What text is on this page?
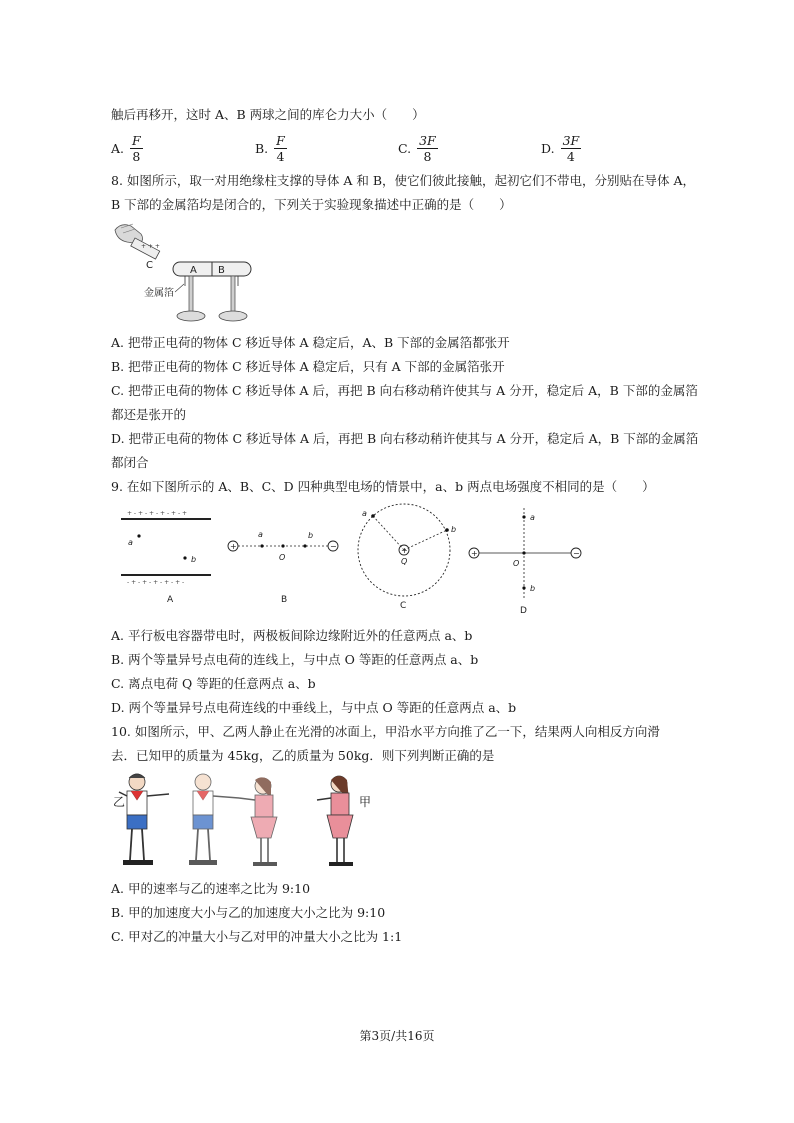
触后再移开，这时 A、B 两球之间的库仑力大小（　　）
A. $\frac{F}{8}$	B. $\frac{F}{4}$	C. $\frac{3F}{8}$	D. $\frac{3F}{4}$
8. 如图所示，取一对用绝缘柱支撑的导体 A 和 B，使它们彼此接触，起初它们不带电，分别贴在导体 A，
B 下部的金属箔均是闭合的，下列关于实验现象描述中正确的是（　　）
+ + +
C	A B
金属箔
A. 把带正电荷的物体 C 移近导体 A 稳定后，A、B 下部的金属箔都张开
B. 把带正电荷的物体 C 移近导体 A 稳定后，只有 A 下部的金属箔张开
C. 把带正电荷的物体 C 移近导体 A 后，再把 B 向右移动稍许使其与 A 分开，稳定后 A，B 下部的金属箔
都还是张开的
D. 把带正电荷的物体 C 移近导体 A 后，再把 B 向右移动稍许使其与 A 分开，稳定后 A，B 下部的金属箔
都闭合
9. 在如下图所示的 A、B、C、D 四种典型电场的情景中，a、b 两点电场强度不相同的是（　　）
+ - + - + - + - + - +
- + - + - + - + - + -
a
b
A
+	−
a
O
b
B
+
Q
a
b
C
+	−
O
a
b
D
A. 平行板电容器带电时，两极板间除边缘附近外的任意两点 a、b
B. 两个等量异号点电荷的连线上，与中点 O 等距的任意两点 a、b
C. 离点电荷 Q 等距的任意两点 a、b
D. 两个等量异号点电荷连线的中垂线上，与中点 O 等距的任意两点 a、b
10. 如图所示，甲、乙两人静止在光滑的冰面上，甲沿水平方向推了乙一下，结果两人向相反方向滑
去．已知甲的质量为 45kg，乙的质量为 50kg．则下列判断正确的是
乙	甲
A. 甲的速率与乙的速率之比为 9:10
B. 甲的加速度大小与乙的加速度大小之比为 9:10
C. 甲对乙的冲量大小与乙对甲的冲量大小之比为 1:1
第3页/共16页
